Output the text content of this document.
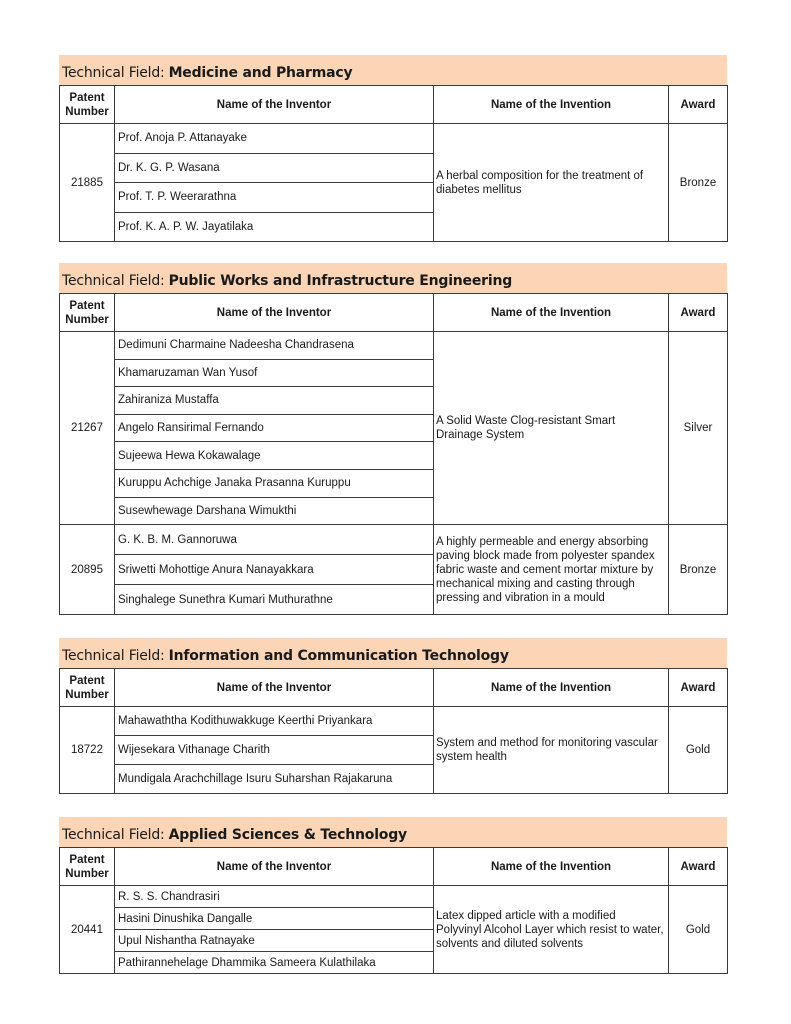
Technical Field: Medicine and Pharmacy
Patent Number	Name of the Inventor	Name of the Invention	Award
21885	Prof. Anoja P. Attanayake	A herbal composition for the treatment of diabetes mellitus	Bronze
	Dr. K. G. P. Wasana		
	Prof. T. P. Weerarathna		
	Prof. K. A. P. W. Jayatilaka		
Technical Field: Public Works and Infrastructure Engineering
Patent Number	Name of the Inventor	Name of the Invention	Award
21267	Dedimuni Charmaine Nadeesha Chandrasena	A Solid Waste Clog-resistant Smart Drainage System	Silver
	Khamaruzaman Wan Yusof		
	Zahiraniza Mustaffa		
	Angelo Ransirimal Fernando		
	Sujeewa Hewa Kokawalage		
	Kuruppu Achchige Janaka Prasanna Kuruppu		
	Susewhewage Darshana Wimukthi		
20895	G. K. B. M. Gannoruwa	A highly permeable and energy absorbing paving block made from polyester spandex fabric waste and cement mortar mixture by mechanical mixing and casting through pressing and vibration in a mould	Bronze
	Sriwetti Mohottige Anura Nanayakkara		
	Singhalege Sunethra Kumari Muthurathne		
Technical Field: Information and Communication Technology
Patent Number	Name of the Inventor	Name of the Invention	Award
18722	Mahawaththa Kodithuwakkuge Keerthi Priyankara	System and method for monitoring vascular system health	Gold
	Wijesekara Vithanage Charith		
	Mundigala Arachchillage Isuru Suharshan Rajakaruna		
Technical Field: Applied Sciences & Technology
Patent Number	Name of the Inventor	Name of the Invention	Award
20441	R. S. S. Chandrasiri	Latex dipped article with a modified Polyvinyl Alcohol Layer which resist to water, solvents and diluted solvents	Gold
	Hasini Dinushika Dangalle		
	Upul Nishantha Ratnayake		
	Pathirannehelage Dhammika Sameera Kulathilaka		
